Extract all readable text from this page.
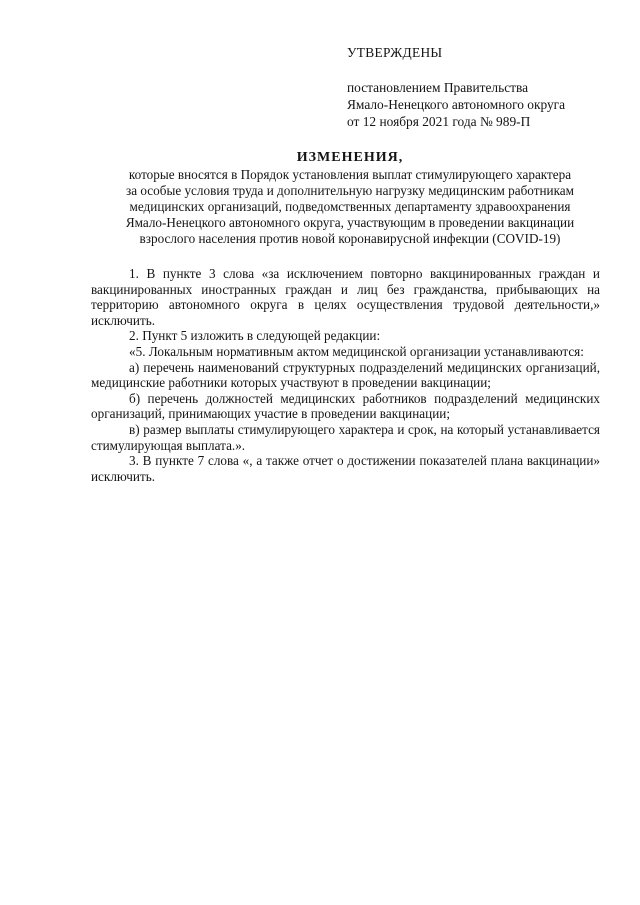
УТВЕРЖДЕНЫ
постановлением Правительства
Ямало-Ненецкого автономного округа
от 12 ноября 2021 года № 989-П
ИЗМЕНЕНИЯ,
которые вносятся в Порядок установления выплат стимулирующего характера
за особые условия труда и дополнительную нагрузку медицинским работникам
медицинских организаций, подведомственных департаменту здравоохранения
Ямало-Ненецкого автономного округа, участвующим в проведении вакцинации
взрослого населения против новой коронавирусной инфекции (COVID-19)

1. В пункте 3 слова «за исключением повторно вакцинированных граждан и вакцинированных иностранных граждан и лиц без гражданства, прибывающих на территорию автономного округа в целях осуществления трудовой деятельности,» исключить.

2. Пункт 5 изложить в следующей редакции:

«5. Локальным нормативным актом медицинской организации устанавливаются:

а) перечень наименований структурных подразделений медицинских организаций, медицинские работники которых участвуют в проведении вакцинации;

б) перечень должностей медицинских работников подразделений медицинских организаций, принимающих участие в проведении вакцинации;

в) размер выплаты стимулирующего характера и срок, на который устанавливается стимулирующая выплата.».

3. В пункте 7 слова «, а также отчет о достижении показателей плана вакцинации» исключить.
